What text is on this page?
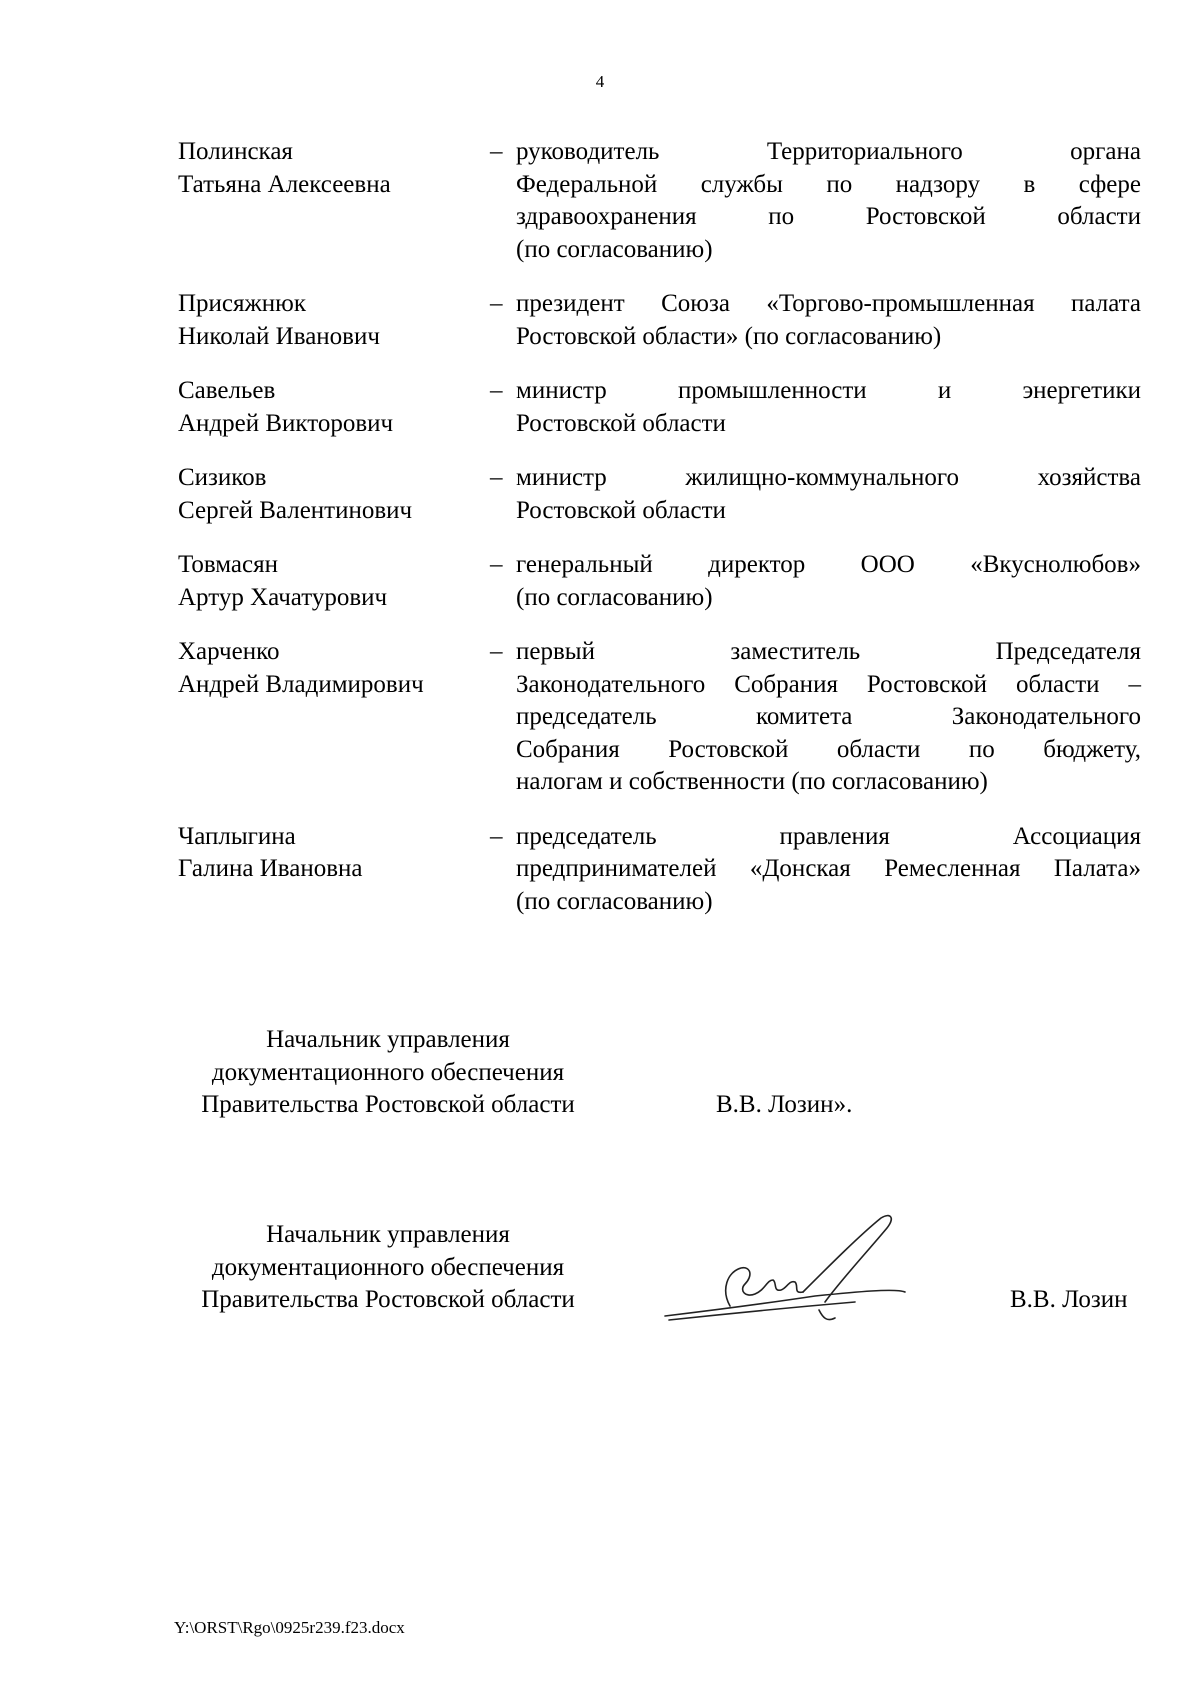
4
Полинская
Татьяна Алексеевна
– руководитель Территориального органа
Федеральной службы по надзору в сфере
здравоохранения по Ростовской области
(по согласованию)
Присяжнюк
Николай Иванович
– президент Союза «Торгово-промышленная палата
Ростовской области» (по согласованию)
Савельев
Андрей Викторович
– министр промышленности и энергетики
Ростовской области
Сизиков
Сергей Валентинович
– министр жилищно-коммунального хозяйства
Ростовской области
Товмасян
Артур Хачатурович
– генеральный директор ООО «Вкуснолюбов»
(по согласованию)
Харченко
Андрей Владимирович
– первый заместитель Председателя
Законодательного Собрания Ростовской области –
председатель комитета Законодательного
Собрания Ростовской области по бюджету,
налогам и собственности (по согласованию)
Чаплыгина
Галина Ивановна
– председатель правления Ассоциация
предпринимателей «Донская Ремесленная Палата»
(по согласованию)
Начальник управления
документационного обеспечения
Правительства Ростовской области	В.В. Лозин».
Начальник управления
документационного обеспечения
Правительства Ростовской области	В.В. Лозин
Y:\ORST\Rgo\0925r239.f23.docx
